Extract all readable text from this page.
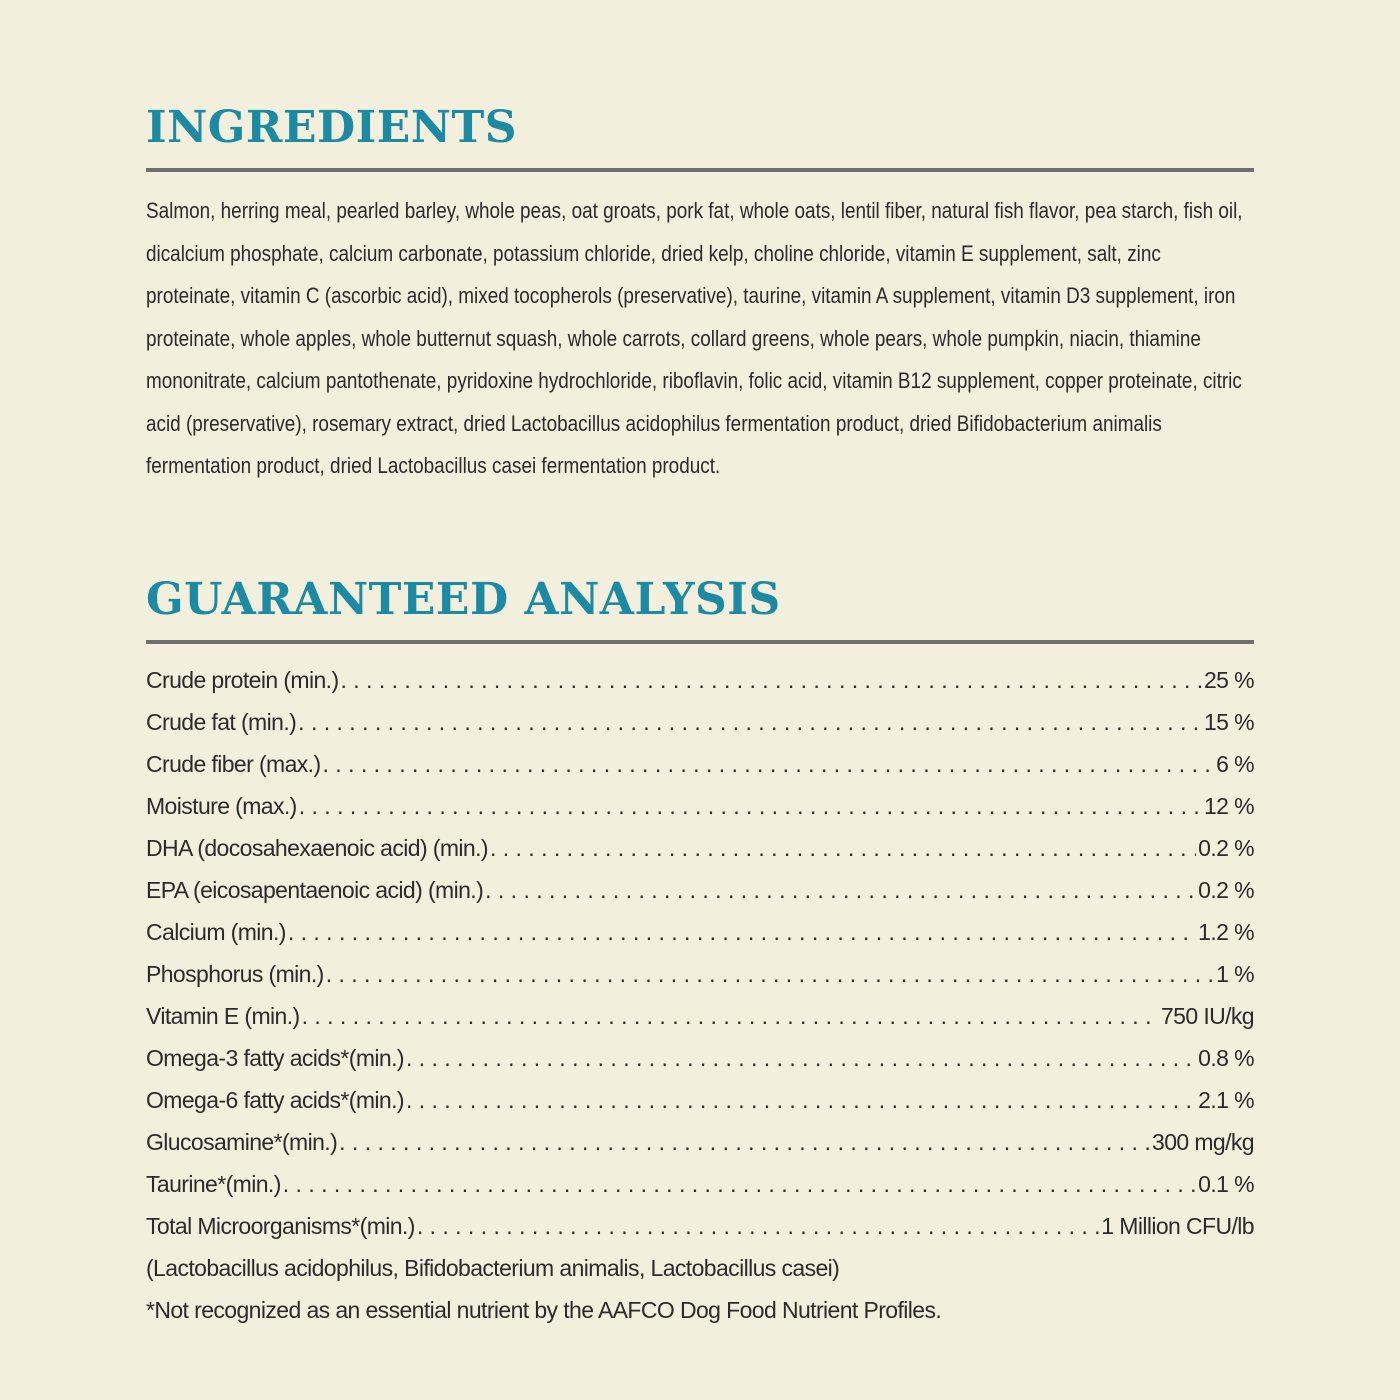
INGREDIENTS
Salmon, herring meal, pearled barley, whole peas, oat groats, pork fat, whole oats, lentil fiber, natural fish flavor, pea starch, fish oil, dicalcium phosphate, calcium carbonate, potassium chloride, dried kelp, choline chloride, vitamin E supplement, salt, zinc proteinate, vitamin C (ascorbic acid), mixed tocopherols (preservative), taurine, vitamin A supplement, vitamin D3 supplement, iron proteinate, whole apples, whole butternut squash, whole carrots, collard greens, whole pears, whole pumpkin, niacin, thiamine mononitrate, calcium pantothenate, pyridoxine hydrochloride, riboflavin, folic acid, vitamin B12 supplement, copper proteinate, citric acid (preservative), rosemary extract, dried Lactobacillus acidophilus fermentation product, dried Bifidobacterium animalis fermentation product, dried Lactobacillus casei fermentation product.
GUARANTEED ANALYSIS
Crude protein (min.) . . .	25 %
Crude fat (min.) . . .	15 %
Crude fiber (max.) . . .	6 %
Moisture (max.) . . .	12 %
DHA (docosahexaenoic acid) (min.) . . .	0.2 %
EPA (eicosapentaenoic acid) (min.) . . .	0.2 %
Calcium (min.) . . .	1.2 %
Phosphorus (min.) . . .	1 %
Vitamin E (min.) . . .	750 IU/kg
Omega-3 fatty acids*(min.) . . .	0.8 %
Omega-6 fatty acids*(min.) . . .	2.1 %
Glucosamine*(min.) . . .	300 mg/kg
Taurine*(min.) . . .	0.1 %
Total Microorganisms*(min.) . . .	1 Million CFU/lb
(Lactobacillus acidophilus, Bifidobacterium animalis, Lactobacillus casei)
*Not recognized as an essential nutrient by the AAFCO Dog Food Nutrient Profiles.
